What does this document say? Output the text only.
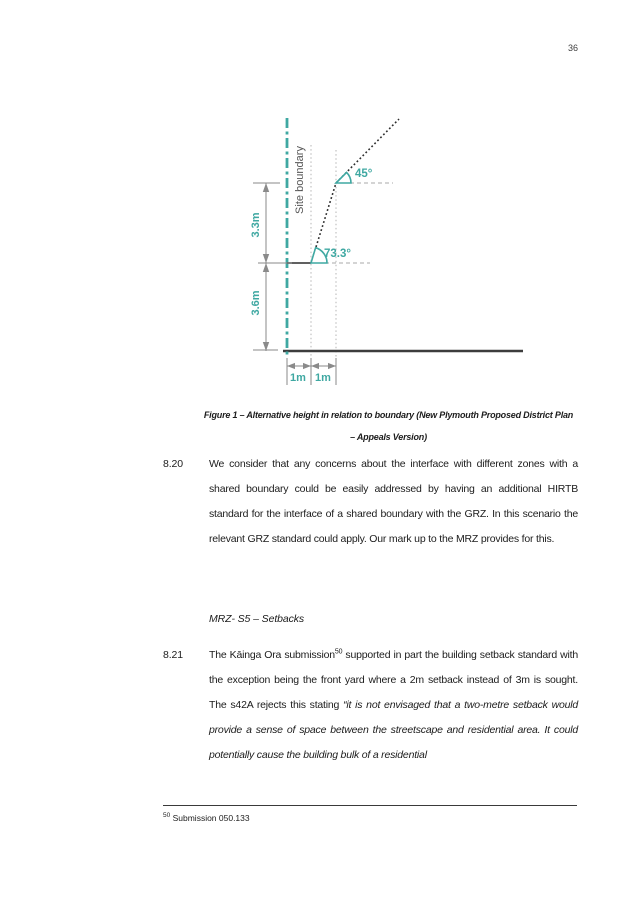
36
Site boundary
3.3m
3.6m
45°
73.3°
1m 1m
Figure 1 – Alternative height in relation to boundary (New Plymouth Proposed District Plan
– Appeals Version)
8.20	We consider that any concerns about the interface with different zones with a shared boundary could be easily addressed by having an additional HIRTB standard for the interface of a shared boundary with the GRZ. In this scenario the relevant GRZ standard could apply. Our mark up to the MRZ provides for this.
MRZ- S5 – Setbacks
8.21	The Kāinga Ora submission$^{50}$ supported in part the building setback standard with the exception being the front yard where a 2m setback instead of 3m is sought. The s42A rejects this stating “it is not envisaged that a two-metre setback would provide a sense of space between the streetscape and residential area. It could potentially cause the building bulk of a residential
$^{50}$ Submission 050.133
